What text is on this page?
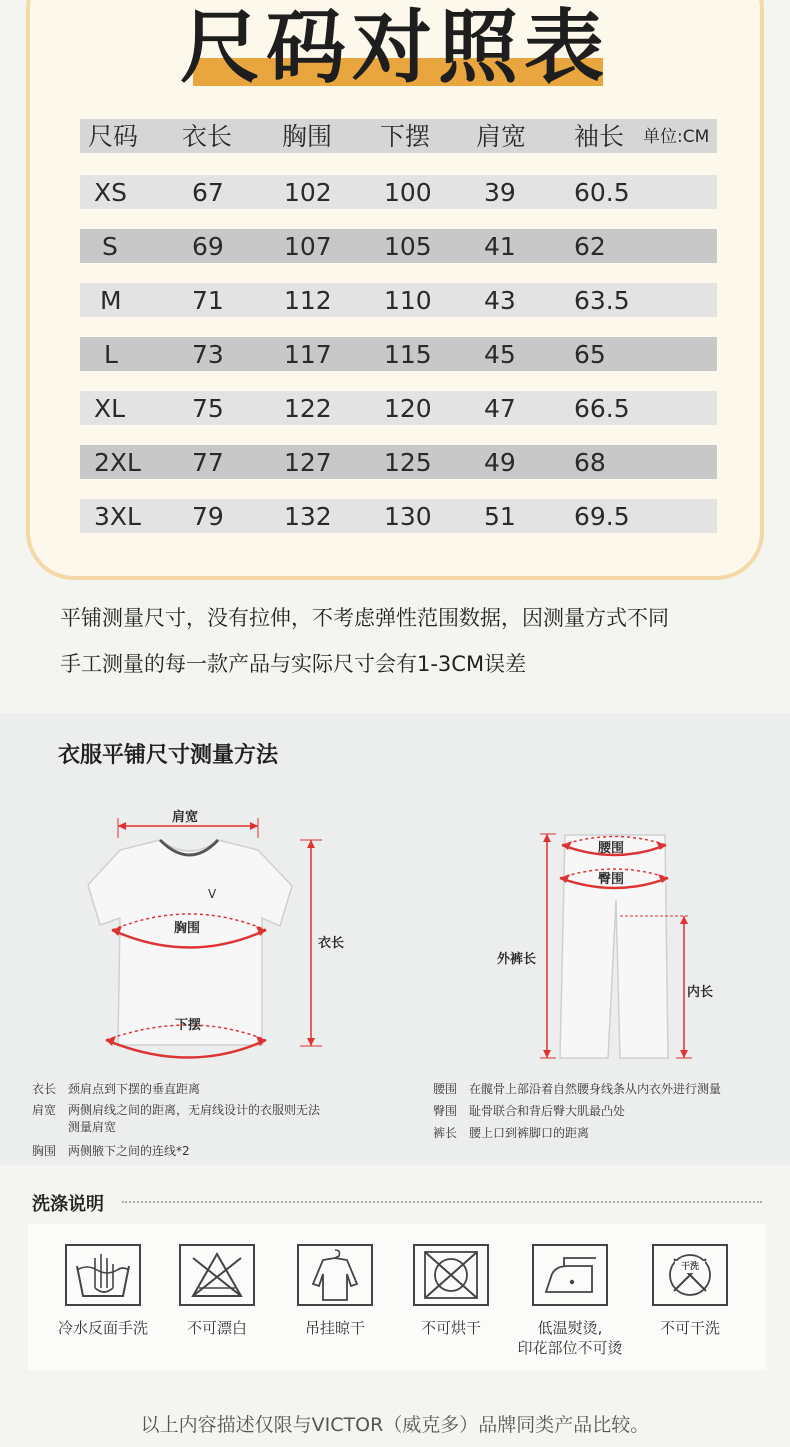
尺码对照表
尺码 衣长 胸围 下摆 肩宽 袖长 单位:CM
XS	67 102 100 39 60.5
S	69 107 105 41 62
M	71 112 110 43 63.5
L	73 117 115 45 65
XL	75 122 120 47 66.5
2XL 77 127 125 49 68
3XL 79 132 130 51 69.5
平铺测量尺寸，没有拉伸，不考虑弹性范围数据，因测量方式不同
手工测量的每一款产品与实际尺寸会有1-3CM误差
衣服平铺尺寸测量方法
V
肩宽
胸围
衣长
下摆
腰围
臀围
外裤长
内长
衣长 颈肩点到下摆的垂直距离
肩宽 两侧肩线之间的距离，无肩线设计的衣服则无法
测量肩宽
胸围 两侧腋下之间的连线*2
腰围 在髋骨上部沿着自然腰身线条从内衣外进行测量
臀围 耻骨联合和背后臀大肌最凸处
裤长 腰上口到裤脚口的距离
洗涤说明
冷水反面手洗	不可漂白	吊挂晾干	不可烘干	低温熨烫,
印花部位不可烫
干洗
不可干洗
以上内容描述仅限与VICTOR（威克多）品牌同类产品比较。
